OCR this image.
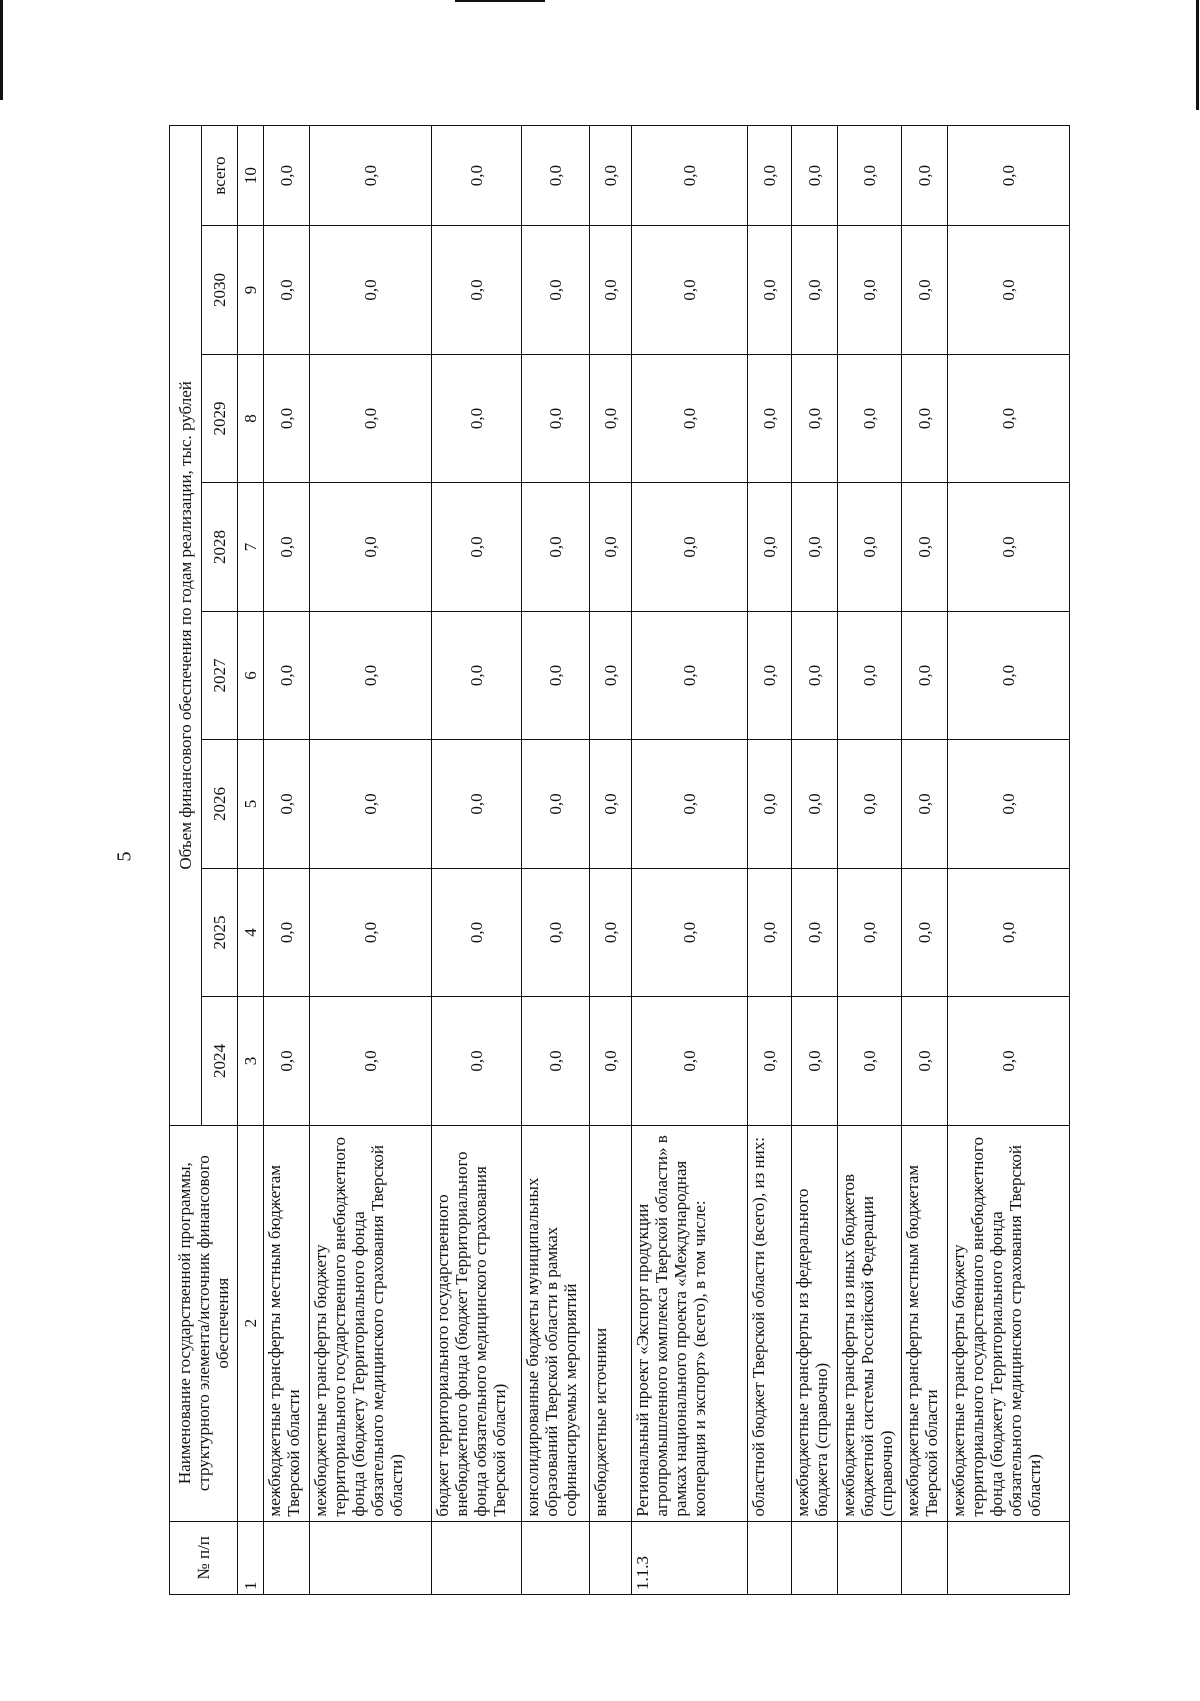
5
№ п/п	Наименование государственной программы, структурного элемента/источник финансового обеспечения	Объем финансового обеспечения по годам реализации, тыс. рублей							
		2024	2025	2026	2027	2028	2029	2030	всего
1	2	3	4	5	6	7	8	9	10
	межбюджетные трансферты местным бюджетам Тверской области	0,0	0,0	0,0	0,0	0,0	0,0	0,0	0,0
	межбюджетные трансферты бюджету территориального государственного внебюджетного фонда (бюджету Территориального фонда обязательного медицинского страхования Тверской области)	0,0	0,0	0,0	0,0	0,0	0,0	0,0	0,0
	бюджет территориального государственного внебюджетного фонда (бюджет Территориального фонда обязательного медицинского страхования Тверской области)	0,0	0,0	0,0	0,0	0,0	0,0	0,0	0,0
	консолидированные бюджеты муниципальных образований Тверской области в рамках софинансируемых мероприятий	0,0	0,0	0,0	0,0	0,0	0,0	0,0	0,0
	внебюджетные источники	0,0	0,0	0,0	0,0	0,0	0,0	0,0	0,0
1.1.3	Региональный проект «Экспорт продукции агропромышленного комплекса Тверской области» в рамках национального проекта «Международная кооперация и экспорт» (всего), в том числе:	0,0	0,0	0,0	0,0	0,0	0,0	0,0	0,0
	областной бюджет Тверской области (всего), из них:	0,0	0,0	0,0	0,0	0,0	0,0	0,0	0,0
	межбюджетные трансферты из федерального бюджета (справочно)	0,0	0,0	0,0	0,0	0,0	0,0	0,0	0,0
	межбюджетные трансферты из иных бюджетов бюджетной системы Российской Федерации (справочно)	0,0	0,0	0,0	0,0	0,0	0,0	0,0	0,0
	межбюджетные трансферты местным бюджетам Тверской области	0,0	0,0	0,0	0,0	0,0	0,0	0,0	0,0
	межбюджетные трансферты бюджету территориального государственного внебюджетного фонда (бюджету Территориального фонда обязательного медицинского страхования Тверской области)	0,0	0,0	0,0	0,0	0,0	0,0	0,0	0,0
